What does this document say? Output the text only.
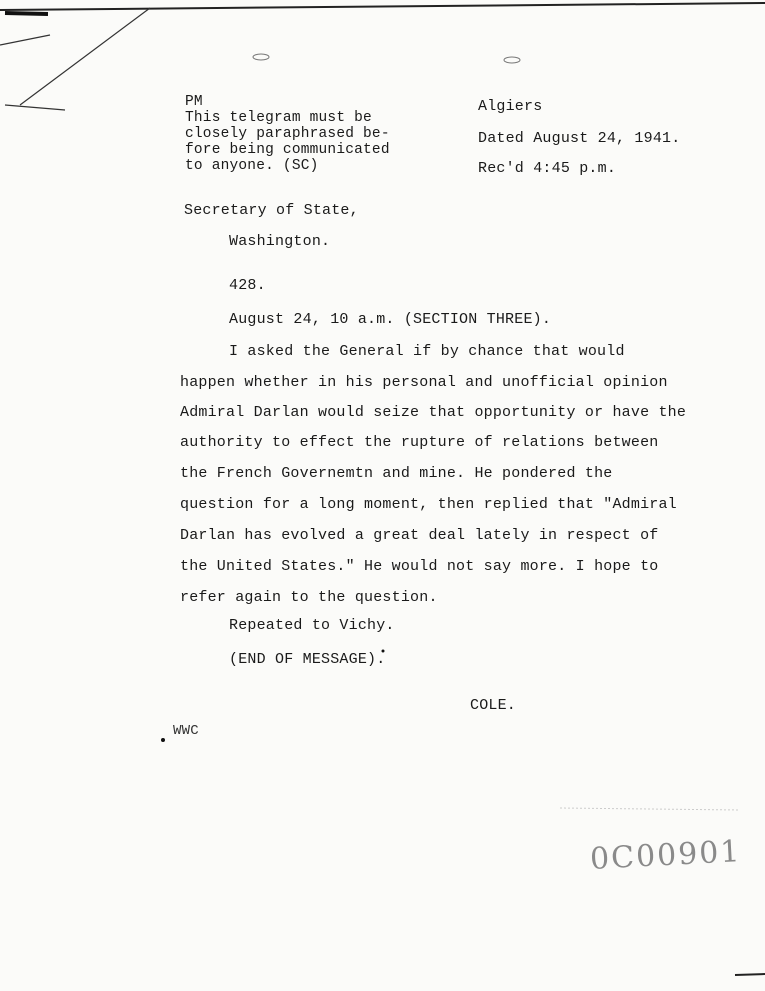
PM
This telegram must be
closely paraphrased be-
fore being communicated
to anyone. (SC)
Algiers
Dated August 24, 1941.
Rec'd 4:45 p.m.
Secretary of State,
Washington.
428.
August 24, 10 a.m. (SECTION THREE).
I asked the General if by chance that would
happen whether in his personal and unofficial opinion
Admiral Darlan would seize that opportunity or have the
authority to effect the rupture of relations between
the French Governemtn and mine. He pondered the
question for a long moment, then replied that "Admiral
Darlan has evolved a great deal lately in respect of
the United States." He would not say more. I hope to
refer again to the question.
Repeated to Vichy.
(END OF MESSAGE).
COLE.
WWC
0C00901
